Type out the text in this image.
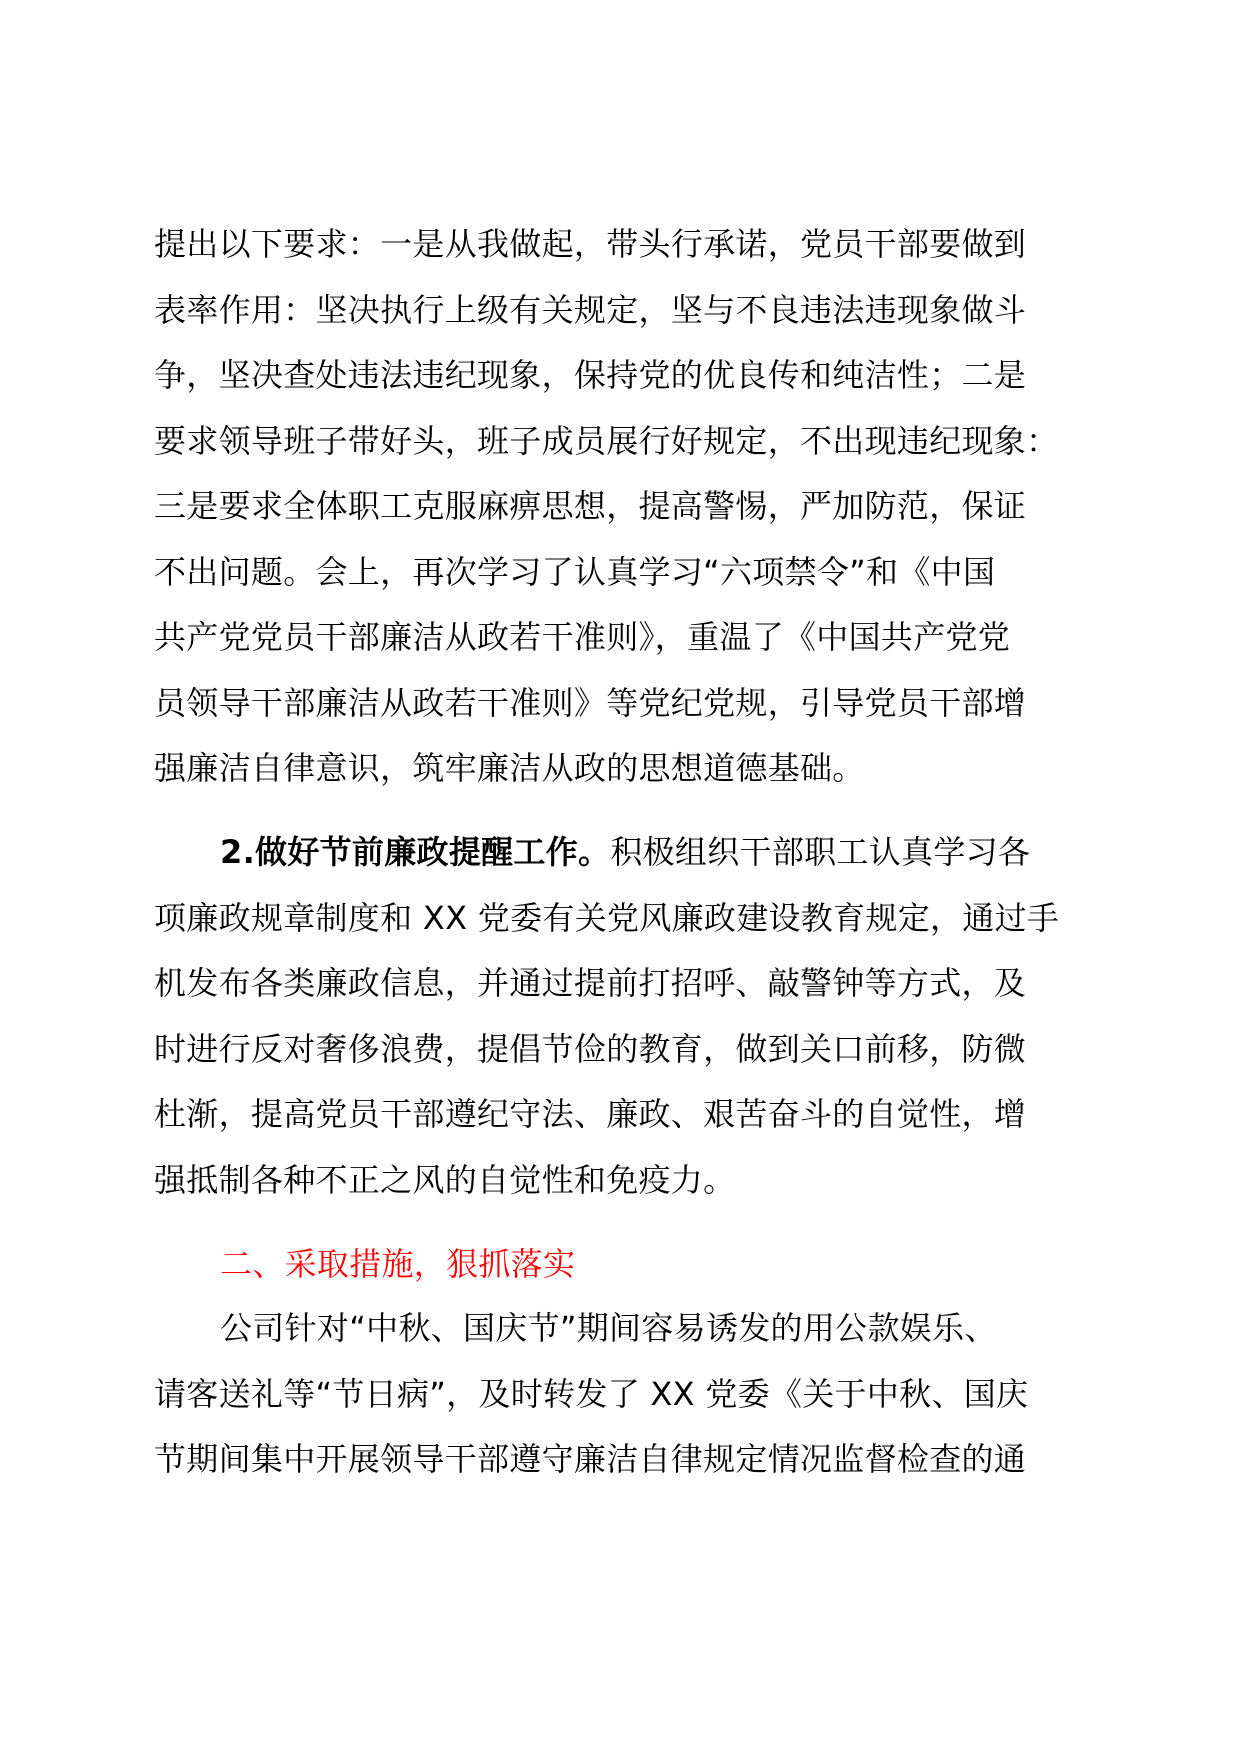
提出以下要求：一是从我做起，带头行承诺，党员干部要做到
表率作用：坚决执行上级有关规定，坚与不良违法违现象做斗
争，坚决查处违法违纪现象，保持党的优良传和纯洁性；二是
要求领导班子带好头，班子成员展行好规定，不出现违纪现象：
三是要求全体职工克服麻痹思想，提高警惕，严加防范，保证
不出问题。会上，再次学习了认真学习“六项禁令”和《中国
共产党党员干部廉洁从政若干准则》，重温了《中国共产党党
员领导干部廉洁从政若干准则》等党纪党规，引导党员干部增
强廉洁自律意识，筑牢廉洁从政的思想道德基础。
2.做好节前廉政提醒工作。积极组织干部职工认真学习各
项廉政规章制度和 XX 党委有关党风廉政建设教育规定，通过手
机发布各类廉政信息，并通过提前打招呼、敲警钟等方式，及
时进行反对奢侈浪费，提倡节俭的教育，做到关口前移，防微
杜渐，提高党员干部遵纪守法、廉政、艰苦奋斗的自觉性，增
强抵制各种不正之风的自觉性和免疫力。
二、采取措施，狠抓落实
公司针对“中秋、国庆节”期间容易诱发的用公款娱乐、
请客送礼等“节日病”，及时转发了 XX 党委《关于中秋、国庆
节期间集中开展领导干部遵守廉洁自律规定情况监督检查的通
